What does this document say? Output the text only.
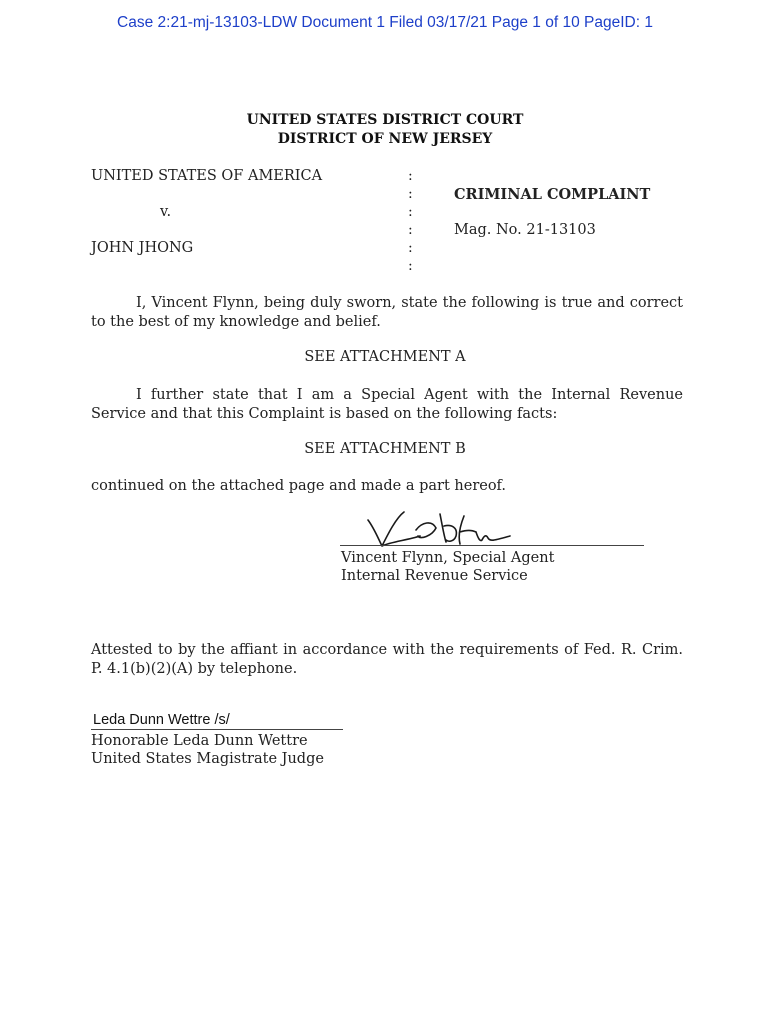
Case 2:21-mj-13103-LDW Document 1 Filed 03/17/21 Page 1 of 10 PageID: 1
UNITED STATES DISTRICT COURT
DISTRICT OF NEW JERSEY
UNITED STATES OF AMERICA
v.
JOHN JHONG
:
:
:
:
:
:
CRIMINAL COMPLAINT
Mag. No. 21-13103
I, Vincent Flynn, being duly sworn, state the following is true and correct to the best of my knowledge and belief.
SEE ATTACHMENT A
I further state that I am a Special Agent with the Internal Revenue Service and that this Complaint is based on the following facts:
SEE ATTACHMENT B
continued on the attached page and made a part hereof.
Vincent Flynn, Special Agent
Internal Revenue Service
Attested to by the affiant in accordance with the requirements of Fed. R. Crim. P. 4.1(b)(2)(A) by telephone.
Leda Dunn Wettre /s/
Honorable Leda Dunn Wettre
United States Magistrate Judge
